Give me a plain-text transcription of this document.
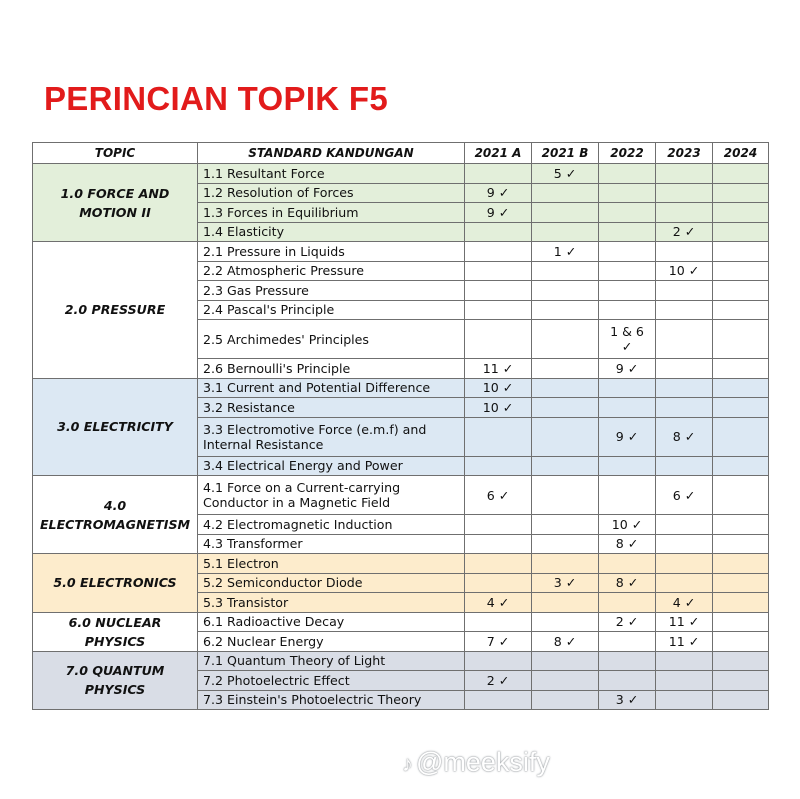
PERINCIAN TOPIK F5
TOPIC	STANDARD KANDUNGAN	2021 A	2021 B	2022	2023	2024
1.0 FORCE AND MOTION II	1.1 Resultant Force		5 ✓			
	1.2 Resolution of Forces	9 ✓				
	1.3 Forces in Equilibrium	9 ✓				
	1.4 Elasticity				2 ✓	
2.0 PRESSURE	2.1 Pressure in Liquids		1 ✓			
	2.2 Atmospheric Pressure				10 ✓	
	2.3 Gas Pressure					
	2.4 Pascal's Principle					
	2.5 Archimedes' Principles			1 & 6 ✓		
	2.6 Bernoulli's Principle	11 ✓		9 ✓		
3.0 ELECTRICITY	3.1 Current and Potential Difference	10 ✓				
	3.2 Resistance	10 ✓				
	3.3 Electromotive Force (e.m.f) and Internal Resistance			9 ✓	8 ✓	
	3.4 Electrical Energy and Power					
4.0 ELECTROMAGNETISM	4.1 Force on a Current-carrying Conductor in a Magnetic Field	6 ✓			6 ✓	
	4.2 Electromagnetic Induction			10 ✓		
	4.3 Transformer			8 ✓		
5.0 ELECTRONICS	5.1 Electron					
	5.2 Semiconductor Diode		3 ✓	8 ✓		
	5.3 Transistor	4 ✓			4 ✓	
6.0 NUCLEAR PHYSICS	6.1 Radioactive Decay			2 ✓	11 ✓	
	6.2 Nuclear Energy	7 ✓	8 ✓		11 ✓	
7.0 QUANTUM PHYSICS	7.1 Quantum Theory of Light					
	7.2 Photoelectric Effect	2 ✓				
	7.3 Einstein's Photoelectric Theory			3 ✓		
♪ @meeksify
